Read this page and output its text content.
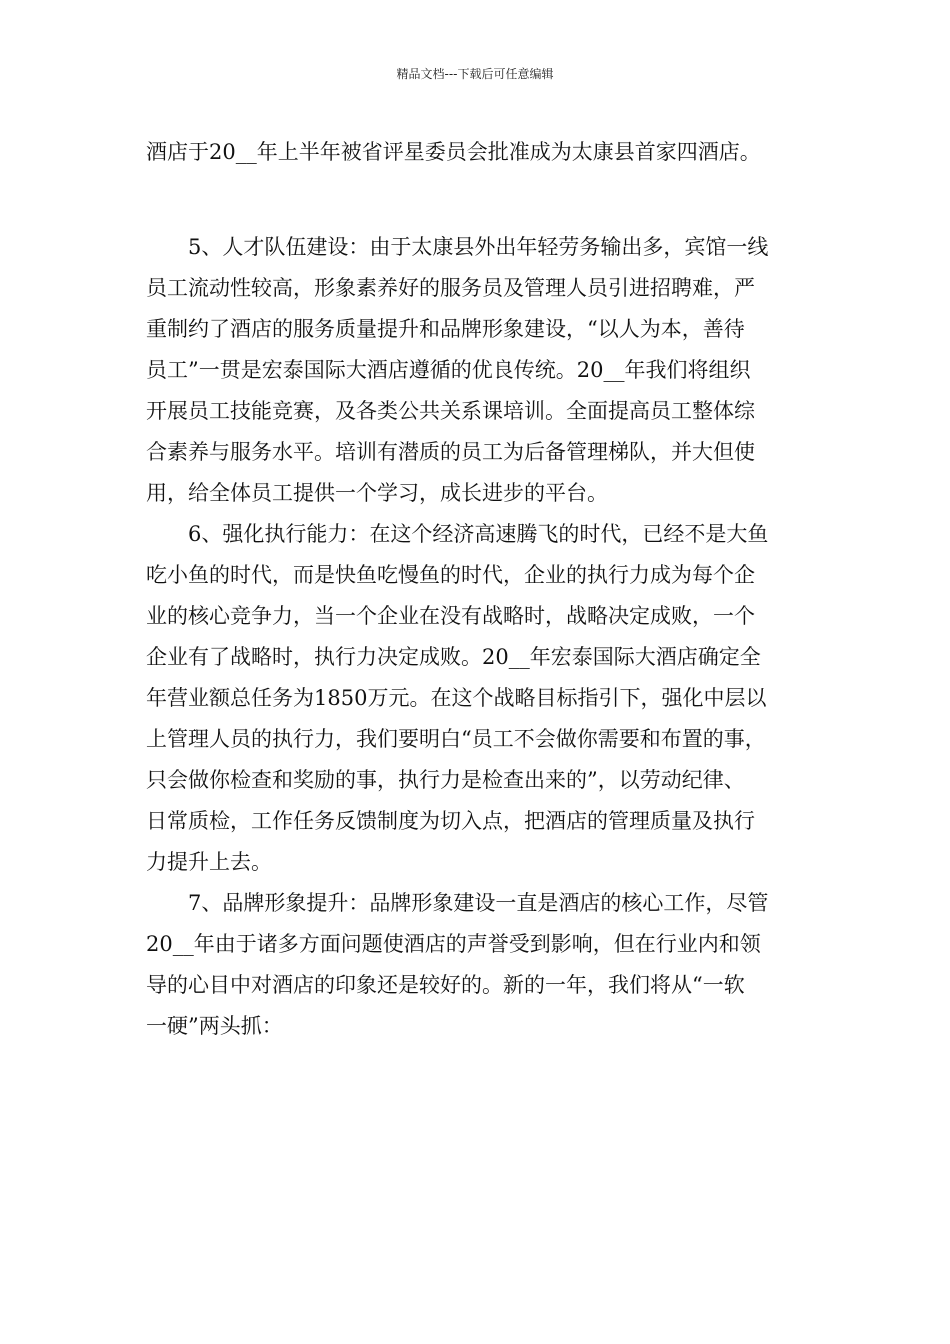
精品文档---下载后可任意编辑
酒店于20__年上半年被省评星委员会批准成为太康县首家四酒店。
5、人才队伍建设：由于太康县外出年轻劳务输出多，宾馆一线
员工流动性较高，形象素养好的服务员及管理人员引进招聘难，严
重制约了酒店的服务质量提升和品牌形象建设，“以人为本，善待
员工”一贯是宏泰国际大酒店遵循的优良传统。20__年我们将组织
开展员工技能竞赛，及各类公共关系课培训。全面提高员工整体综
合素养与服务水平。培训有潜质的员工为后备管理梯队，并大但使
用，给全体员工提供一个学习，成长进步的平台。
6、强化执行能力：在这个经济高速腾飞的时代，已经不是大鱼
吃小鱼的时代，而是快鱼吃慢鱼的时代，企业的执行力成为每个企
业的核心竞争力，当一个企业在没有战略时，战略决定成败，一个
企业有了战略时，执行力决定成败。20__年宏泰国际大酒店确定全
年营业额总任务为1850万元。在这个战略目标指引下，强化中层以
上管理人员的执行力，我们要明白“员工不会做你需要和布置的事，
只会做你检查和奖励的事，执行力是检查出来的”，以劳动纪律、
日常质检，工作任务反馈制度为切入点，把酒店的管理质量及执行
力提升上去。
7、品牌形象提升：品牌形象建设一直是酒店的核心工作，尽管
20__年由于诸多方面问题使酒店的声誉受到影响，但在行业内和领
导的心目中对酒店的印象还是较好的。新的一年，我们将从“一软
一硬”两头抓：
